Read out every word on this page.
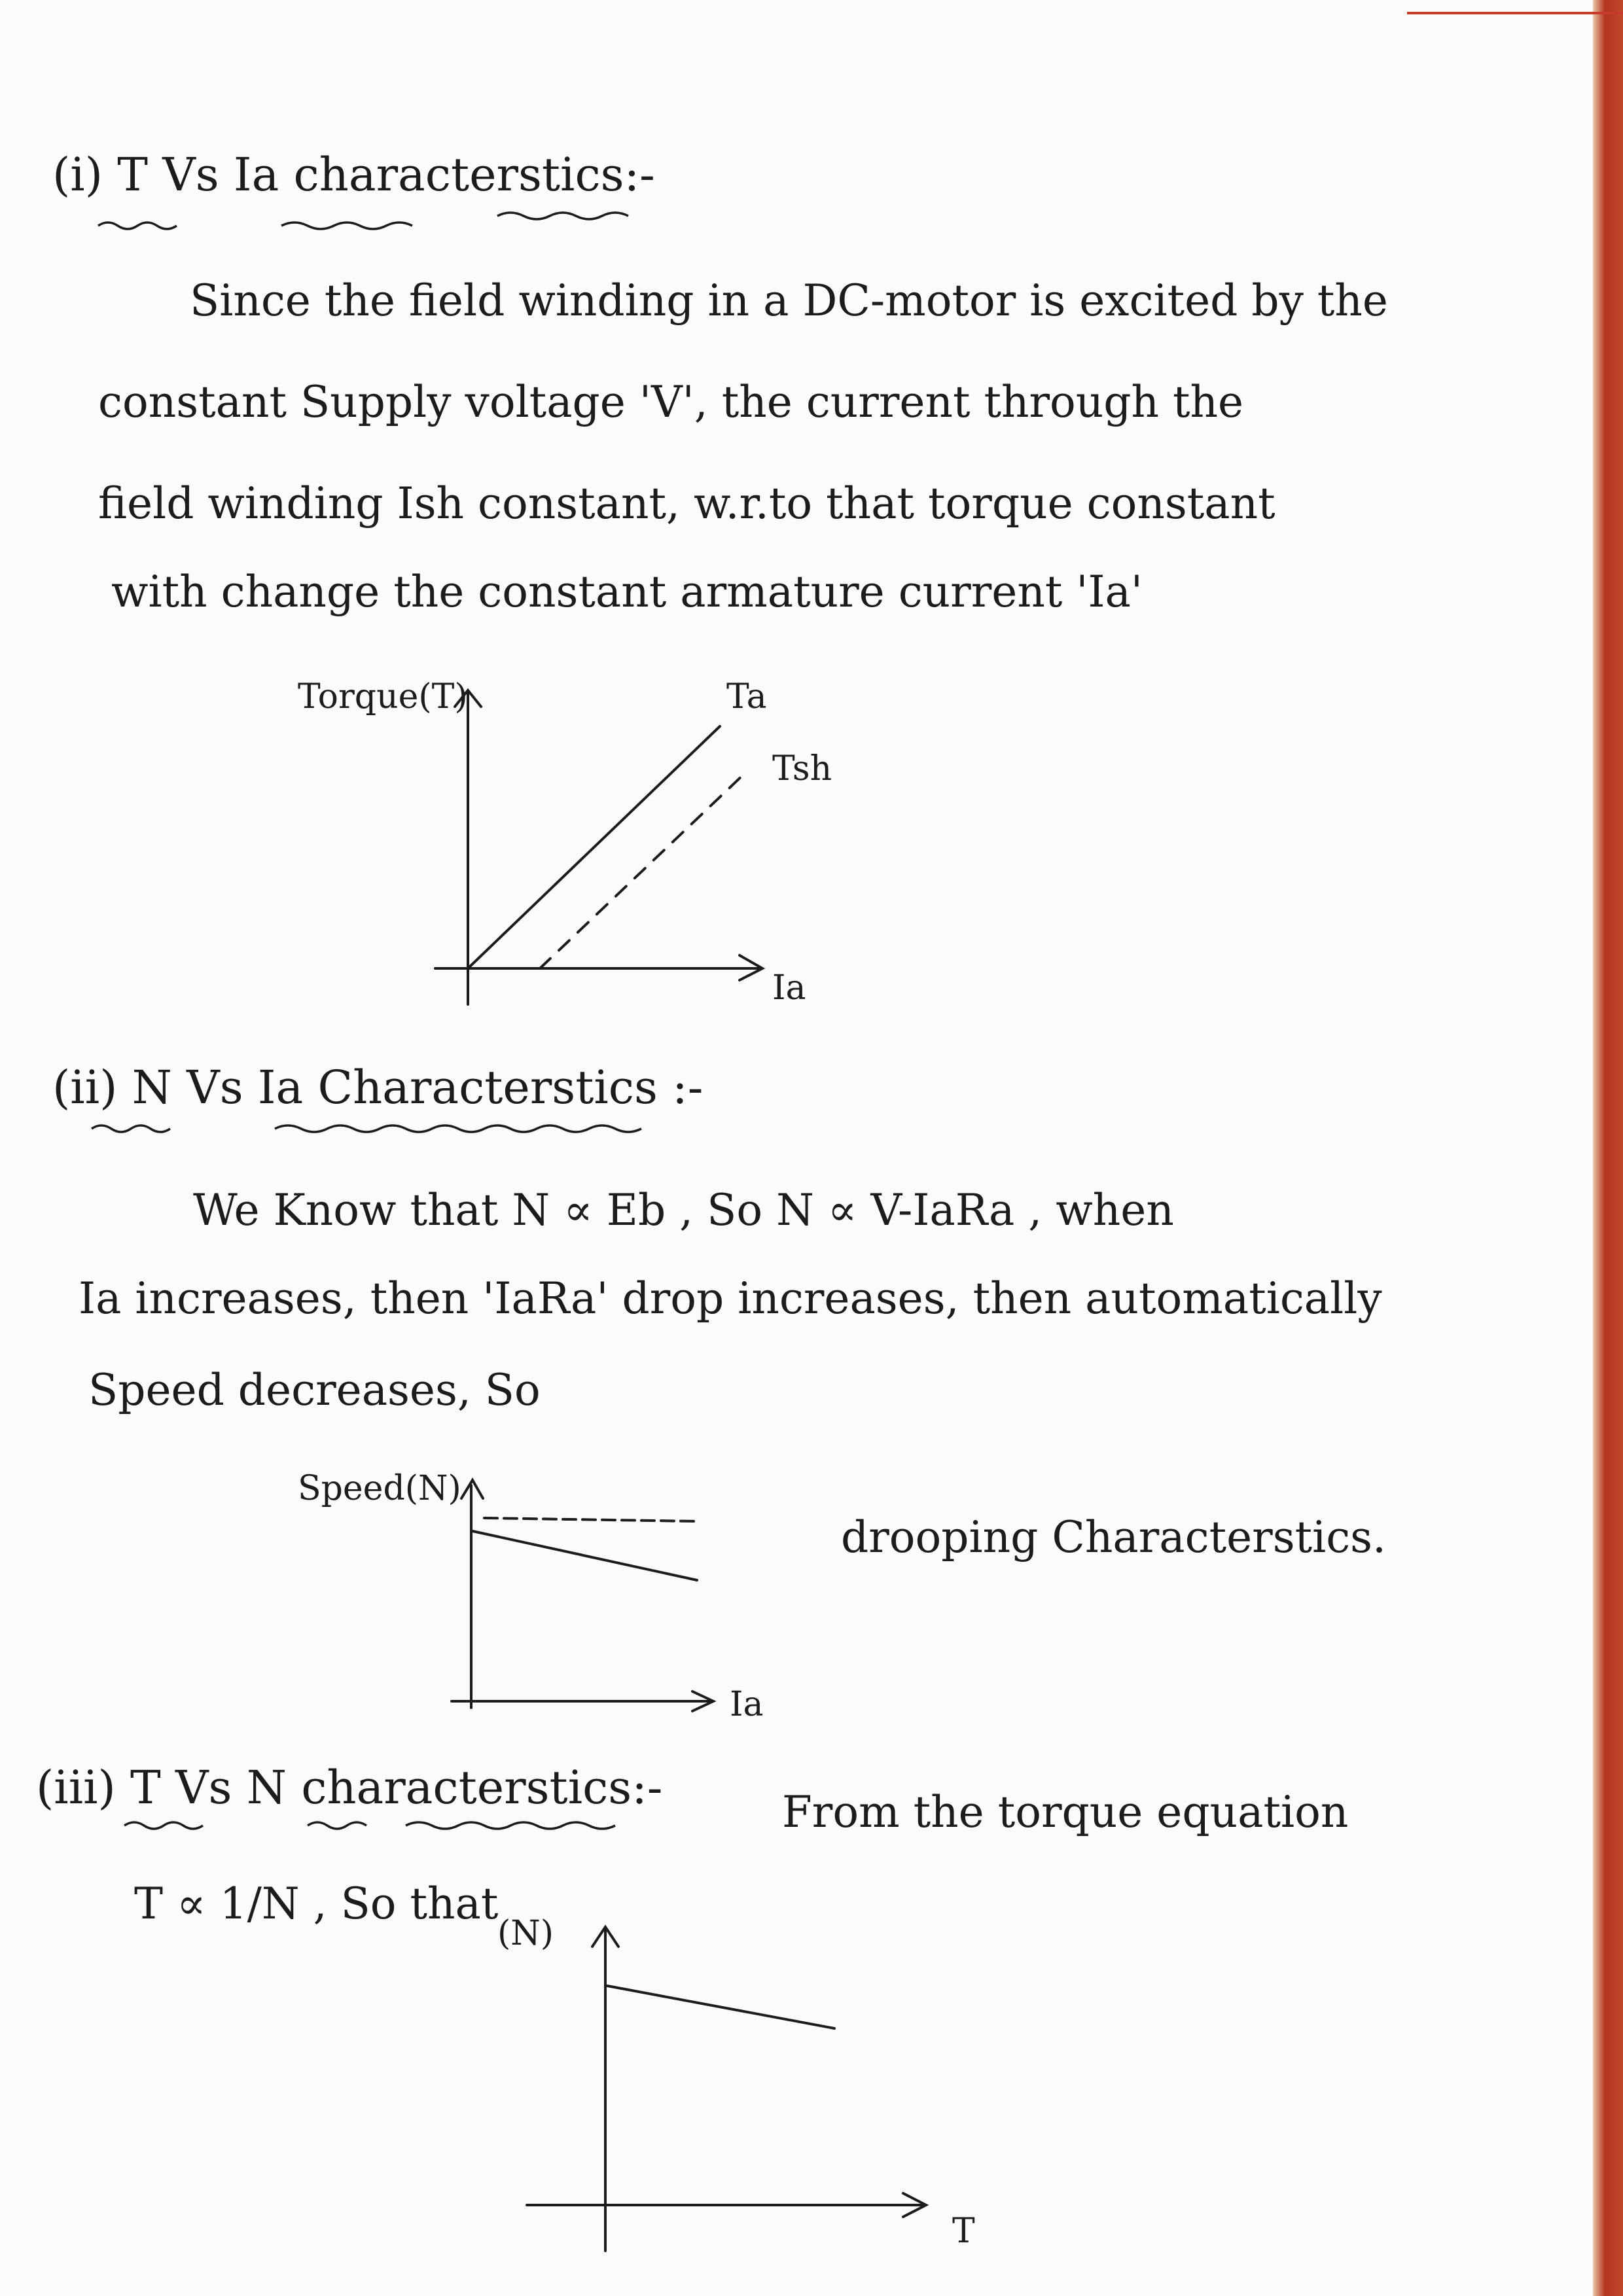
(i) T Vs Ia characterstics:-
Since the field winding in a DC-motor is excited by the
constant Supply voltage 'V', the current through the
field winding Ish constant, w.r.to that torque constant
with change the constant armature current 'Ia'
Torque(T)	Ta
Tsh
Ia
(ii) N Vs Ia Characterstics :-
We Know that N ∝ Eb , So N ∝ V-IaRa , when
Ia increases, then 'IaRa' drop increases, then automatically
Speed decreases, So
Speed(N)
Ia
drooping Characterstics.
(iii) T Vs N characterstics:-	From the torque equation
T ∝ 1/N , So that
(N)
T
